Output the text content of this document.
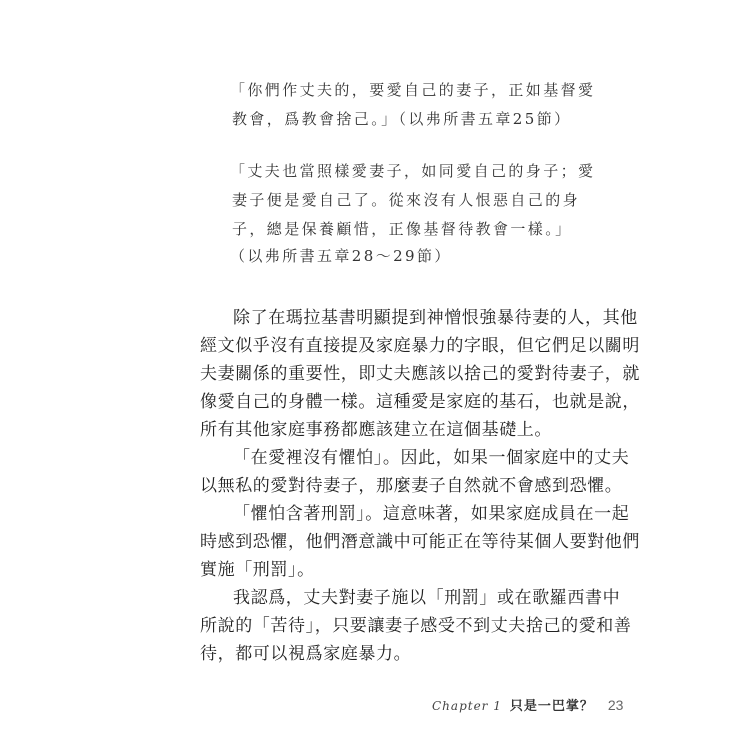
「你們作丈夫的，要愛自己的妻子，正如基督愛
教會，爲教會捨己。」（以弗所書五章25節）
「丈夫也當照樣愛妻子，如同愛自己的身子；愛
妻子便是愛自己了。從來沒有人恨惡自己的身
子，總是保養顧惜，正像基督待教會一樣。」
（以弗所書五章28～29節）
除了在瑪拉基書明顯提到神憎恨強暴待妻的人，其他
經文似乎沒有直接提及家庭暴力的字眼，但它們足以關明
夫妻關係的重要性，即丈夫應該以捨己的愛對待妻子，就
像愛自己的身體一樣。這種愛是家庭的基石，也就是說，
所有其他家庭事務都應該建立在這個基礎上。
「在愛裡沒有懼怕」。因此，如果一個家庭中的丈夫
以無私的愛對待妻子，那麼妻子自然就不會感到恐懼。
「懼怕含著刑罰」。這意味著，如果家庭成員在一起
時感到恐懼，他們潛意識中可能正在等待某個人要對他們
實施「刑罰」。
我認爲，丈夫對妻子施以「刑罰」或在歌羅西書中
所說的「苦待」，只要讓妻子感受不到丈夫捨己的愛和善
待，都可以視爲家庭暴力。
Chapter 1 只是一巴掌？ 23
